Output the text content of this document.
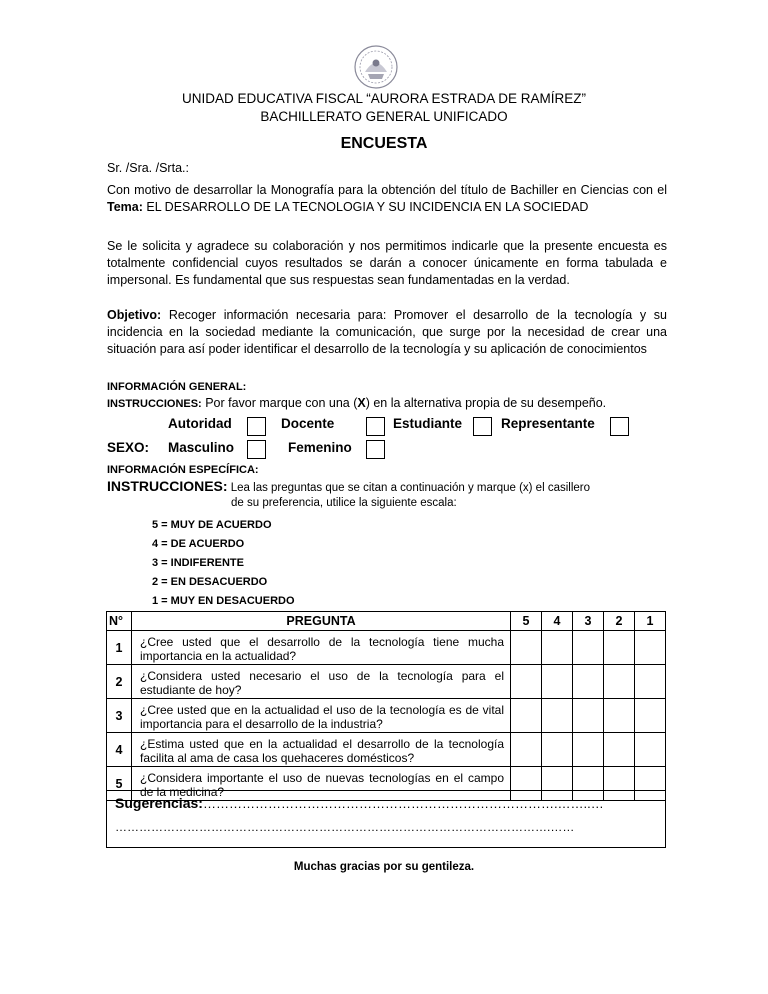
UNIDAD EDUCATIVA FISCAL “AURORA ESTRADA DE RAMÍREZ”
BACHILLERATO GENERAL UNIFICADO
ENCUESTA
Sr. /Sra. /Srta.:
Con motivo de desarrollar la Monografía para la obtención del título de Bachiller en Ciencias con el Tema: EL DESARROLLO DE LA TECNOLOGIA Y SU INCIDENCIA EN LA SOCIEDAD
Se le solicita y agradece su colaboración y nos permitimos indicarle que la presente encuesta es totalmente confidencial cuyos resultados se darán a conocer únicamente en forma tabulada e impersonal. Es fundamental que sus respuestas sean fundamentadas en la verdad.
Objetivo: Recoger información necesaria para: Promover el desarrollo de la tecnología y su incidencia en la sociedad mediante la comunicación, que surge por la necesidad de crear una situación para así poder identificar el desarrollo de la tecnología y su aplicación de conocimientos
INFORMACIÓN GENERAL:
INSTRUCCIONES: Por favor marque con una (X) en la alternativa propia de su desempeño.
Autoridad	Docente	Estudiante	Representante
SEXO: Masculino	Femenino
INFORMACIÓN ESPECÍFICA:
INSTRUCCIONES: Lea las preguntas que se citan a continuación y marque (x) el casillero
de su preferencia, utilice la siguiente escala:
5 = MUY DE ACUERDO
4 = DE ACUERDO
3 = INDIFERENTE
2 = EN DESACUERDO
1 = MUY EN DESACUERDO
N°	PREGUNTA	5	4	3	2	1
1	¿Cree usted que el desarrollo de la tecnología tiene mucha importancia en la actualidad?					
2	¿Considera usted necesario el uso de la tecnología para el estudiante de hoy?					
3	¿Cree usted que en la actualidad el uso de la tecnología es de vital importancia para el desarrollo de la industria?					
4	¿Estima usted que en la actualidad el desarrollo de la tecnología facilita al ama de casa los quehaceres domésticos?					
5	¿Considera importante el uso de nuevas tecnologías en el campo de la medicina?					
Sugerencias:……………………………………………………………………….……..…
……………………………………………………………………………………………….……
Muchas gracias por su gentileza.
